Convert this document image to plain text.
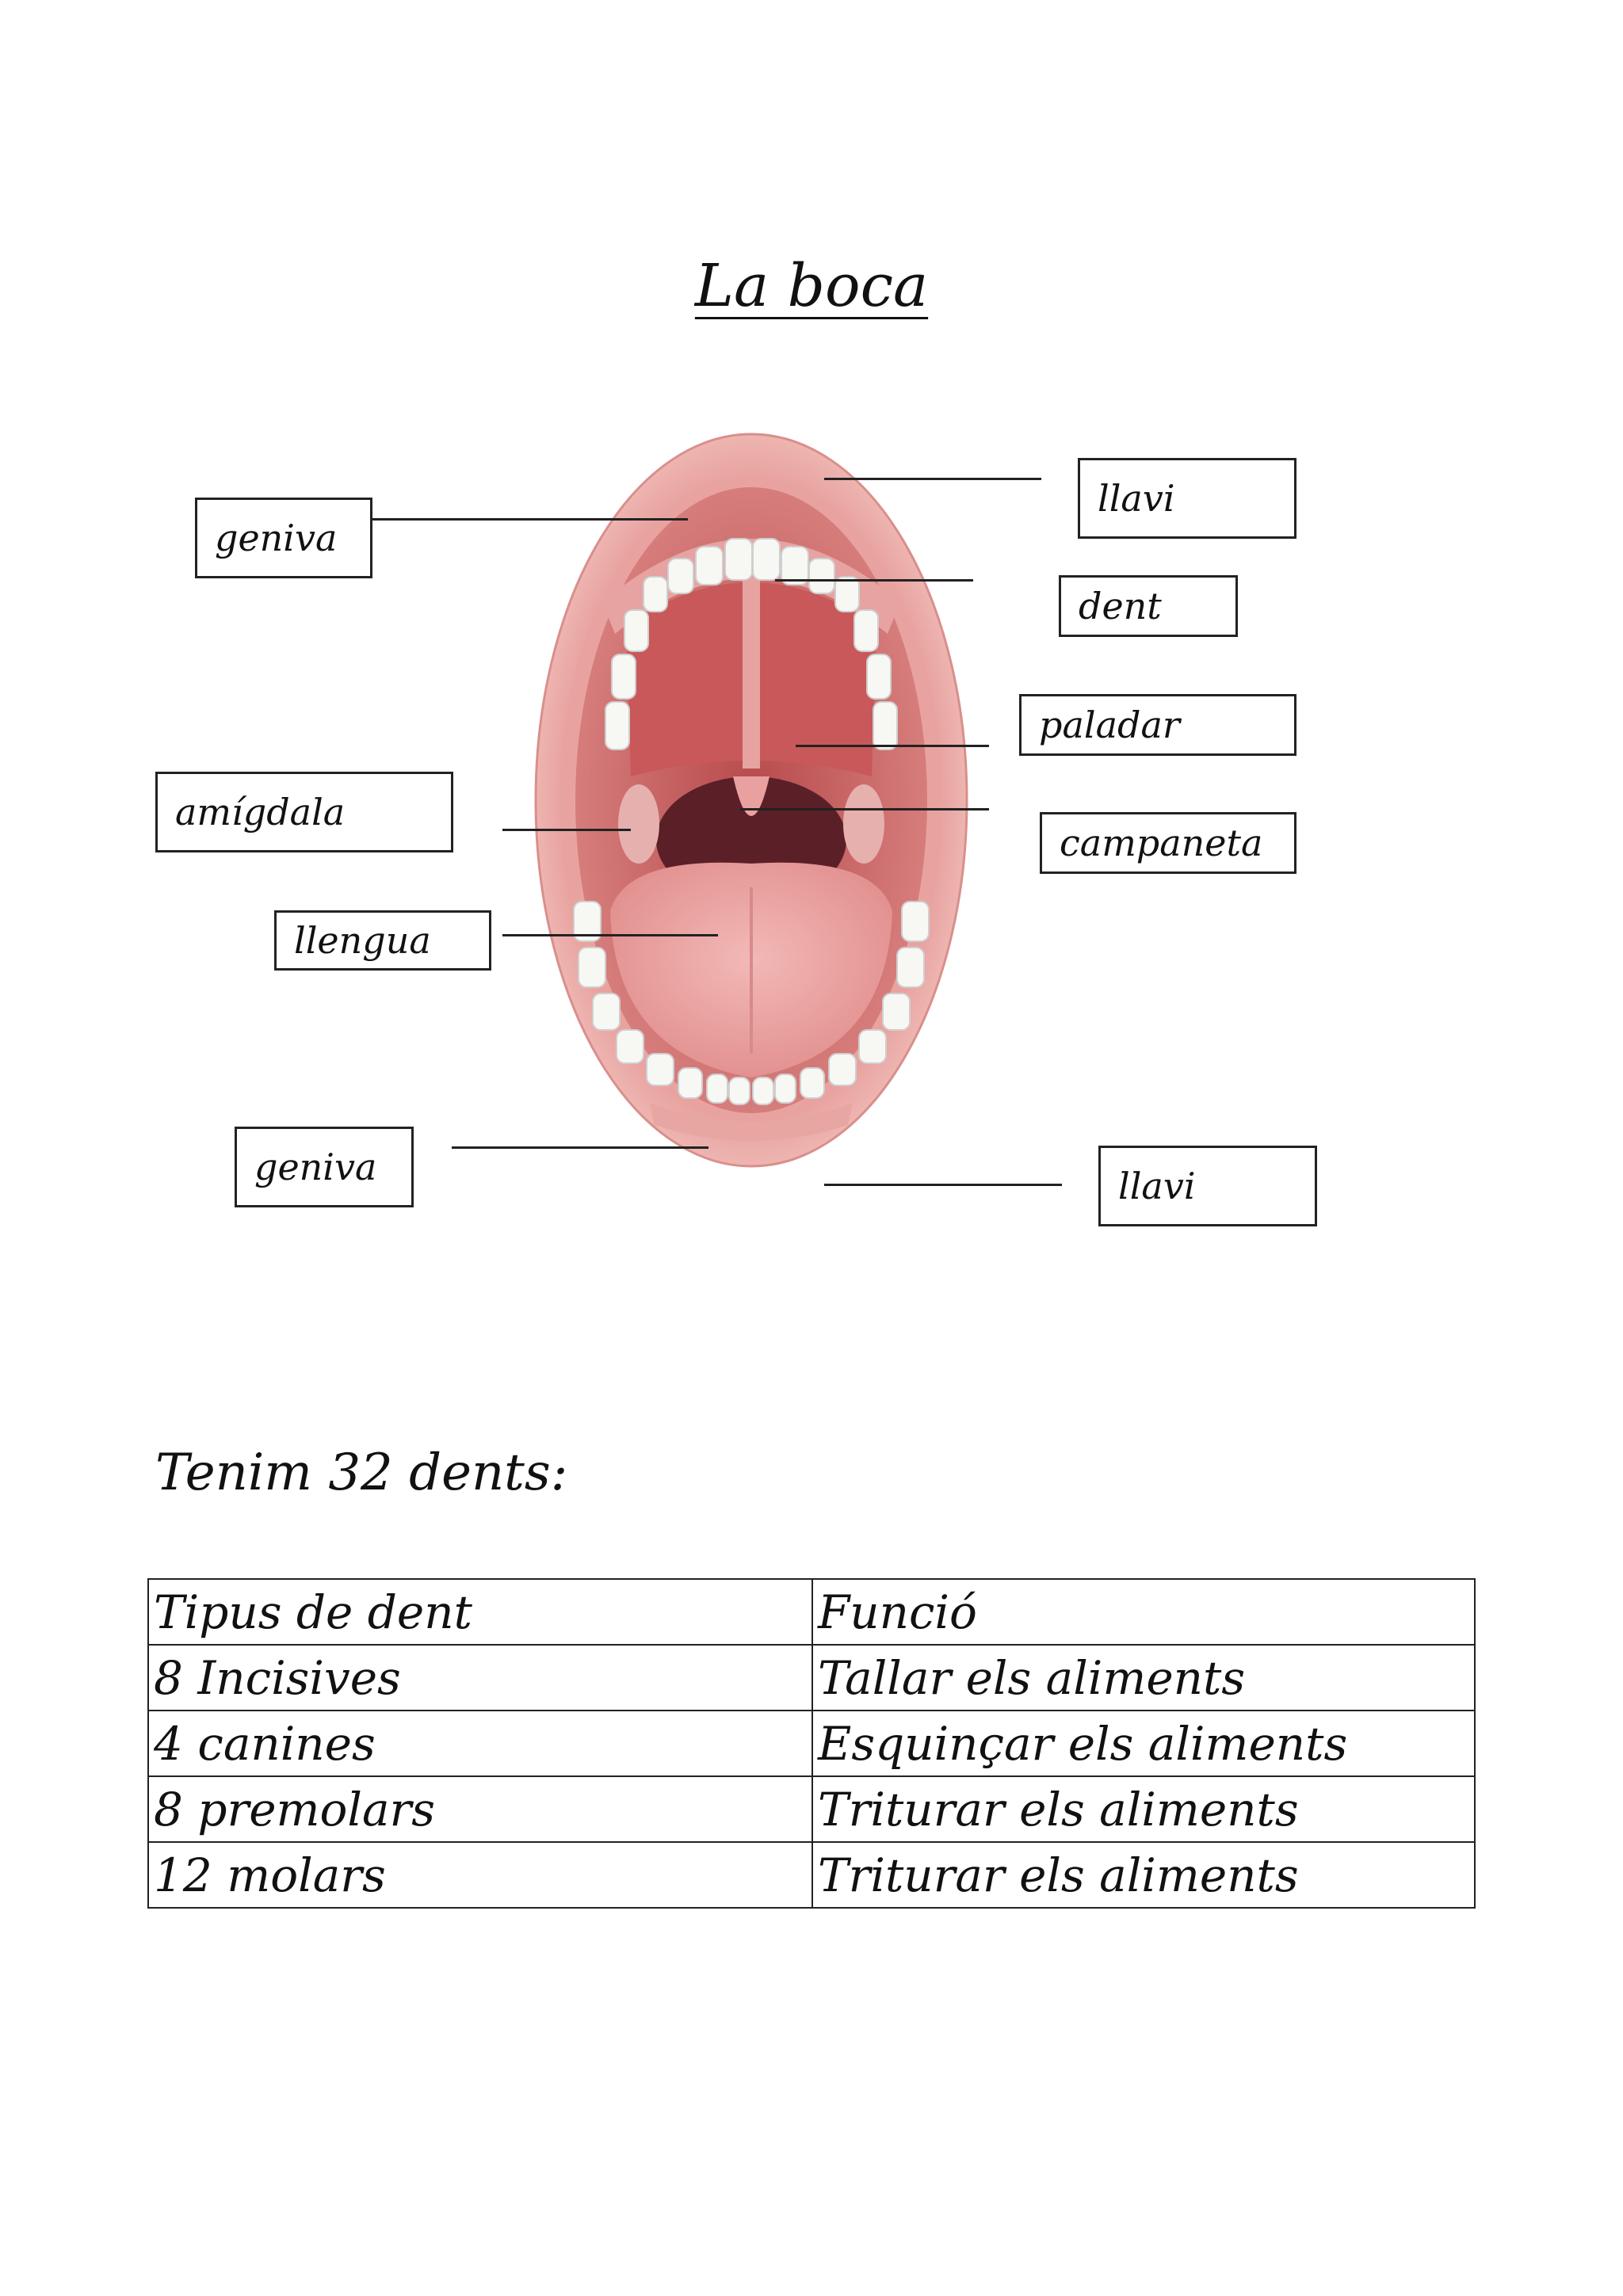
La boca
geniva
llavi
dent
paladar
amígdala
campaneta
llengua
geniva	llavi
Tenim 32 dents:
Tipus de dent	Funció
8 Incisives	Tallar els aliments
4 canines	Esquinçar els aliments
8 premolars	Triturar els aliments
12 molars	Triturar els aliments
